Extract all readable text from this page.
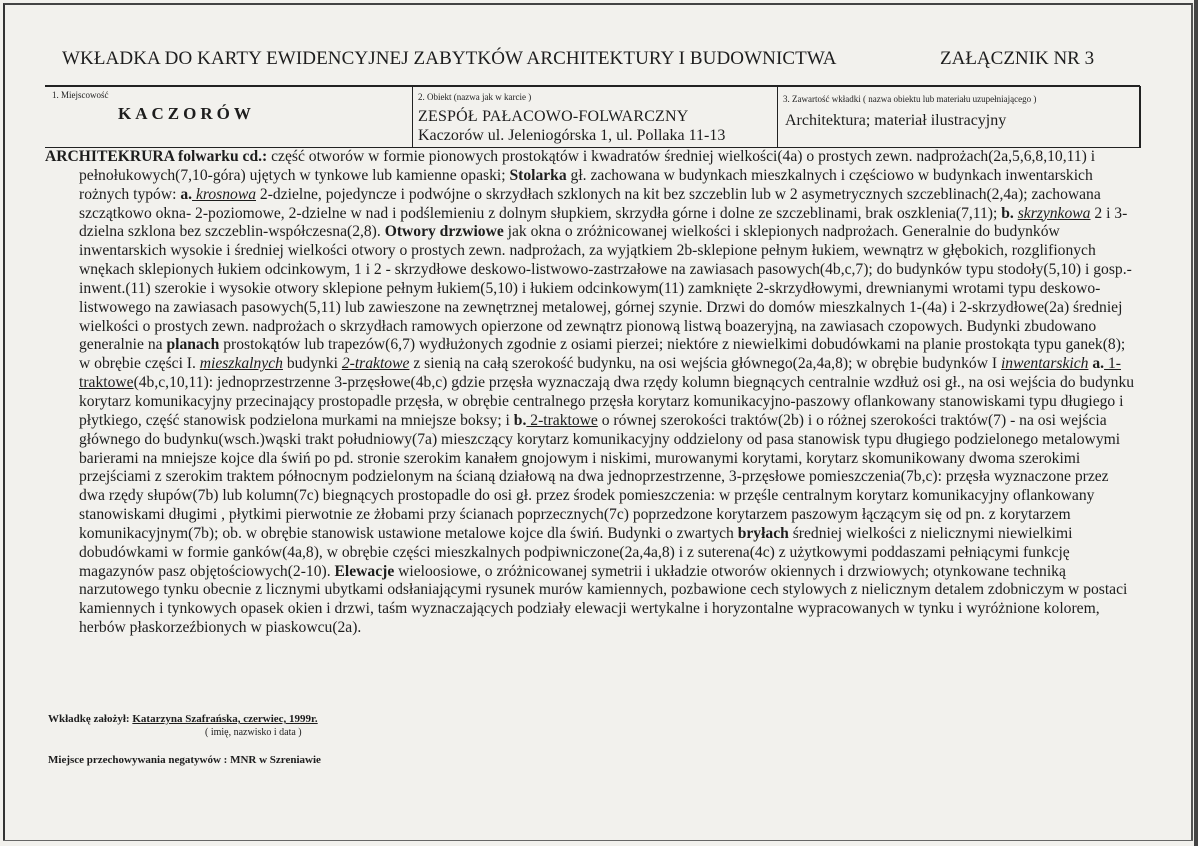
WKŁADKA DO KARTY EWIDENCYJNEJ ZABYTKÓW ARCHITEKTURY I BUDOWNICTWA	ZAŁĄCZNIK NR 3
1. Miejscowość
KACZORÓW
2. Obiekt (nazwa jak w karcie )
ZESPÓŁ PAŁACOWO-FOLWARCZNY
Kaczorów ul. Jeleniogórska 1, ul. Pollaka 11-13
3. Zawartość wkładki ( nazwa obiektu lub materiału uzupełniającego )
Architektura; materiał ilustracyjny
ARCHITEKRURA folwarku cd.: część otworów w formie pionowych prostokątów i kwadratów średniej wielkości(4a) o prostych zewn. nadprożach(2a,5,6,8,10,11) i pełnołukowych(7,10-góra) ujętych w tynkowe lub kamienne opaski; Stolarka gł. zachowana w budynkach mieszkalnych i częściowo w budynkach inwentarskich rożnych typów: a. krosnowa 2-dzielne, pojedyncze i podwójne o skrzydłach szklonych na kit bez szczeblin lub w 2 asymetrycznych szczeblinach(2,4a); zachowana szczątkowo okna- 2-poziomowe, 2-dzielne w nad i podślemieniu z dolnym słupkiem, skrzydła górne i dolne ze szczeblinami, brak oszklenia(7,11); b. skrzynkowa 2 i 3-dzielna szklona bez szczeblin-współczesna(2,8). Otwory drzwiowe jak okna o zróżnicowanej wielkości i sklepionych nadprożach. Generalnie do budynków inwentarskich wysokie i średniej wielkości otwory o prostych zewn. nadprożach, za wyjątkiem 2b-sklepione pełnym łukiem, wewnątrz w głębokich, rozglifionych wnękach sklepionych łukiem odcinkowym, 1 i 2 - skrzydłowe deskowo-listwowo-zastrzałowe na zawiasach pasowych(4b,c,7); do budynków typu stodoły(5,10) i gosp.-inwent.(11) szerokie i wysokie otwory sklepione pełnym łukiem(5,10) i łukiem odcinkowym(11) zamknięte 2-skrzydłowymi, drewnianymi wrotami typu deskowo-listwowego na zawiasach pasowych(5,11) lub zawieszone na zewnętrznej metalowej, górnej szynie. Drzwi do domów mieszkalnych 1-(4a) i 2-skrzydłowe(2a) średniej wielkości o prostych zewn. nadprożach o skrzydłach ramowych opierzone od zewnątrz pionową listwą boazeryjną, na zawiasach czopowych. Budynki zbudowano generalnie na planach prostokątów lub trapezów(6,7) wydłużonych zgodnie z osiami pierzei; niektóre z niewielkimi dobudówkami na planie prostokąta typu ganek(8); w obrębie części I. mieszkalnych budynki 2-traktowe z sienią na całą szerokość budynku, na osi wejścia głównego(2a,4a,8); w obrębie budynków I inwentarskich a. 1-traktowe(4b,c,10,11): jednoprzestrzenne 3-przęsłowe(4b,c) gdzie przęsła wyznaczają dwa rzędy kolumn biegnących centralnie wzdłuż osi gł., na osi wejścia do budynku korytarz komunikacyjny przecinający prostopadle przęsła, w obrębie centralnego przęsła korytarz komunikacyjno-paszowy oflankowany stanowiskami typu długiego i płytkiego, część stanowisk podzielona murkami na mniejsze boksy; i b. 2-traktowe o równej szerokości traktów(2b) i o różnej szerokości traktów(7) - na osi wejścia głównego do budynku(wsch.)wąski trakt południowy(7a) mieszczący korytarz komunikacyjny oddzielony od pasa stanowisk typu długiego podzielonego metalowymi barierami na mniejsze kojce dla świń po pd. stronie szerokim kanałem gnojowym i niskimi, murowanymi korytami, korytarz skomunikowany dwoma szerokimi przejściami z szerokim traktem północnym podzielonym na ścianą działową na dwa jednoprzestrzenne, 3-przęsłowe pomieszczenia(7b,c): przęsła wyznaczone przez dwa rzędy słupów(7b) lub kolumn(7c) biegnących prostopadle do osi gł. przez środek pomieszczenia: w przęśle centralnym korytarz komunikacyjny oflankowany stanowiskami długimi , płytkimi pierwotnie ze żłobami przy ścianach poprzecznych(7c) poprzedzone korytarzem paszowym łączącym się od pn. z korytarzem komunikacyjnym(7b); ob. w obrębie stanowisk ustawione metalowe kojce dla świń. Budynki o zwartych bryłach średniej wielkości z nielicznymi niewielkimi dobudówkami w formie ganków(4a,8), w obrębie części mieszkalnych podpiwniczone(2a,4a,8) i z suterena(4c) z użytkowymi poddaszami pełniącymi funkcję magazynów pasz objętościowych(2-10). Elewacje wieloosiowe, o zróżnicowanej symetrii i układzie otworów okiennych i drzwiowych; otynkowane techniką narzutowego tynku obecnie z licznymi ubytkami odsłaniającymi rysunek murów kamiennych, pozbawione cech stylowych z nielicznym detalem zdobniczym w postaci kamiennych i tynkowych opasek okien i drzwi, taśm wyznaczających podziały elewacji wertykalne i horyzontalne wypracowanych w tynku i wyróżnione kolorem, herbów płaskorzeźbionych w piaskowcu(2a).
Wkładkę założył: Katarzyna Szafrańska, czerwiec, 1999r.
( imię, nazwisko i data )
Miejsce przechowywania negatywów : MNR w Szreniawie
